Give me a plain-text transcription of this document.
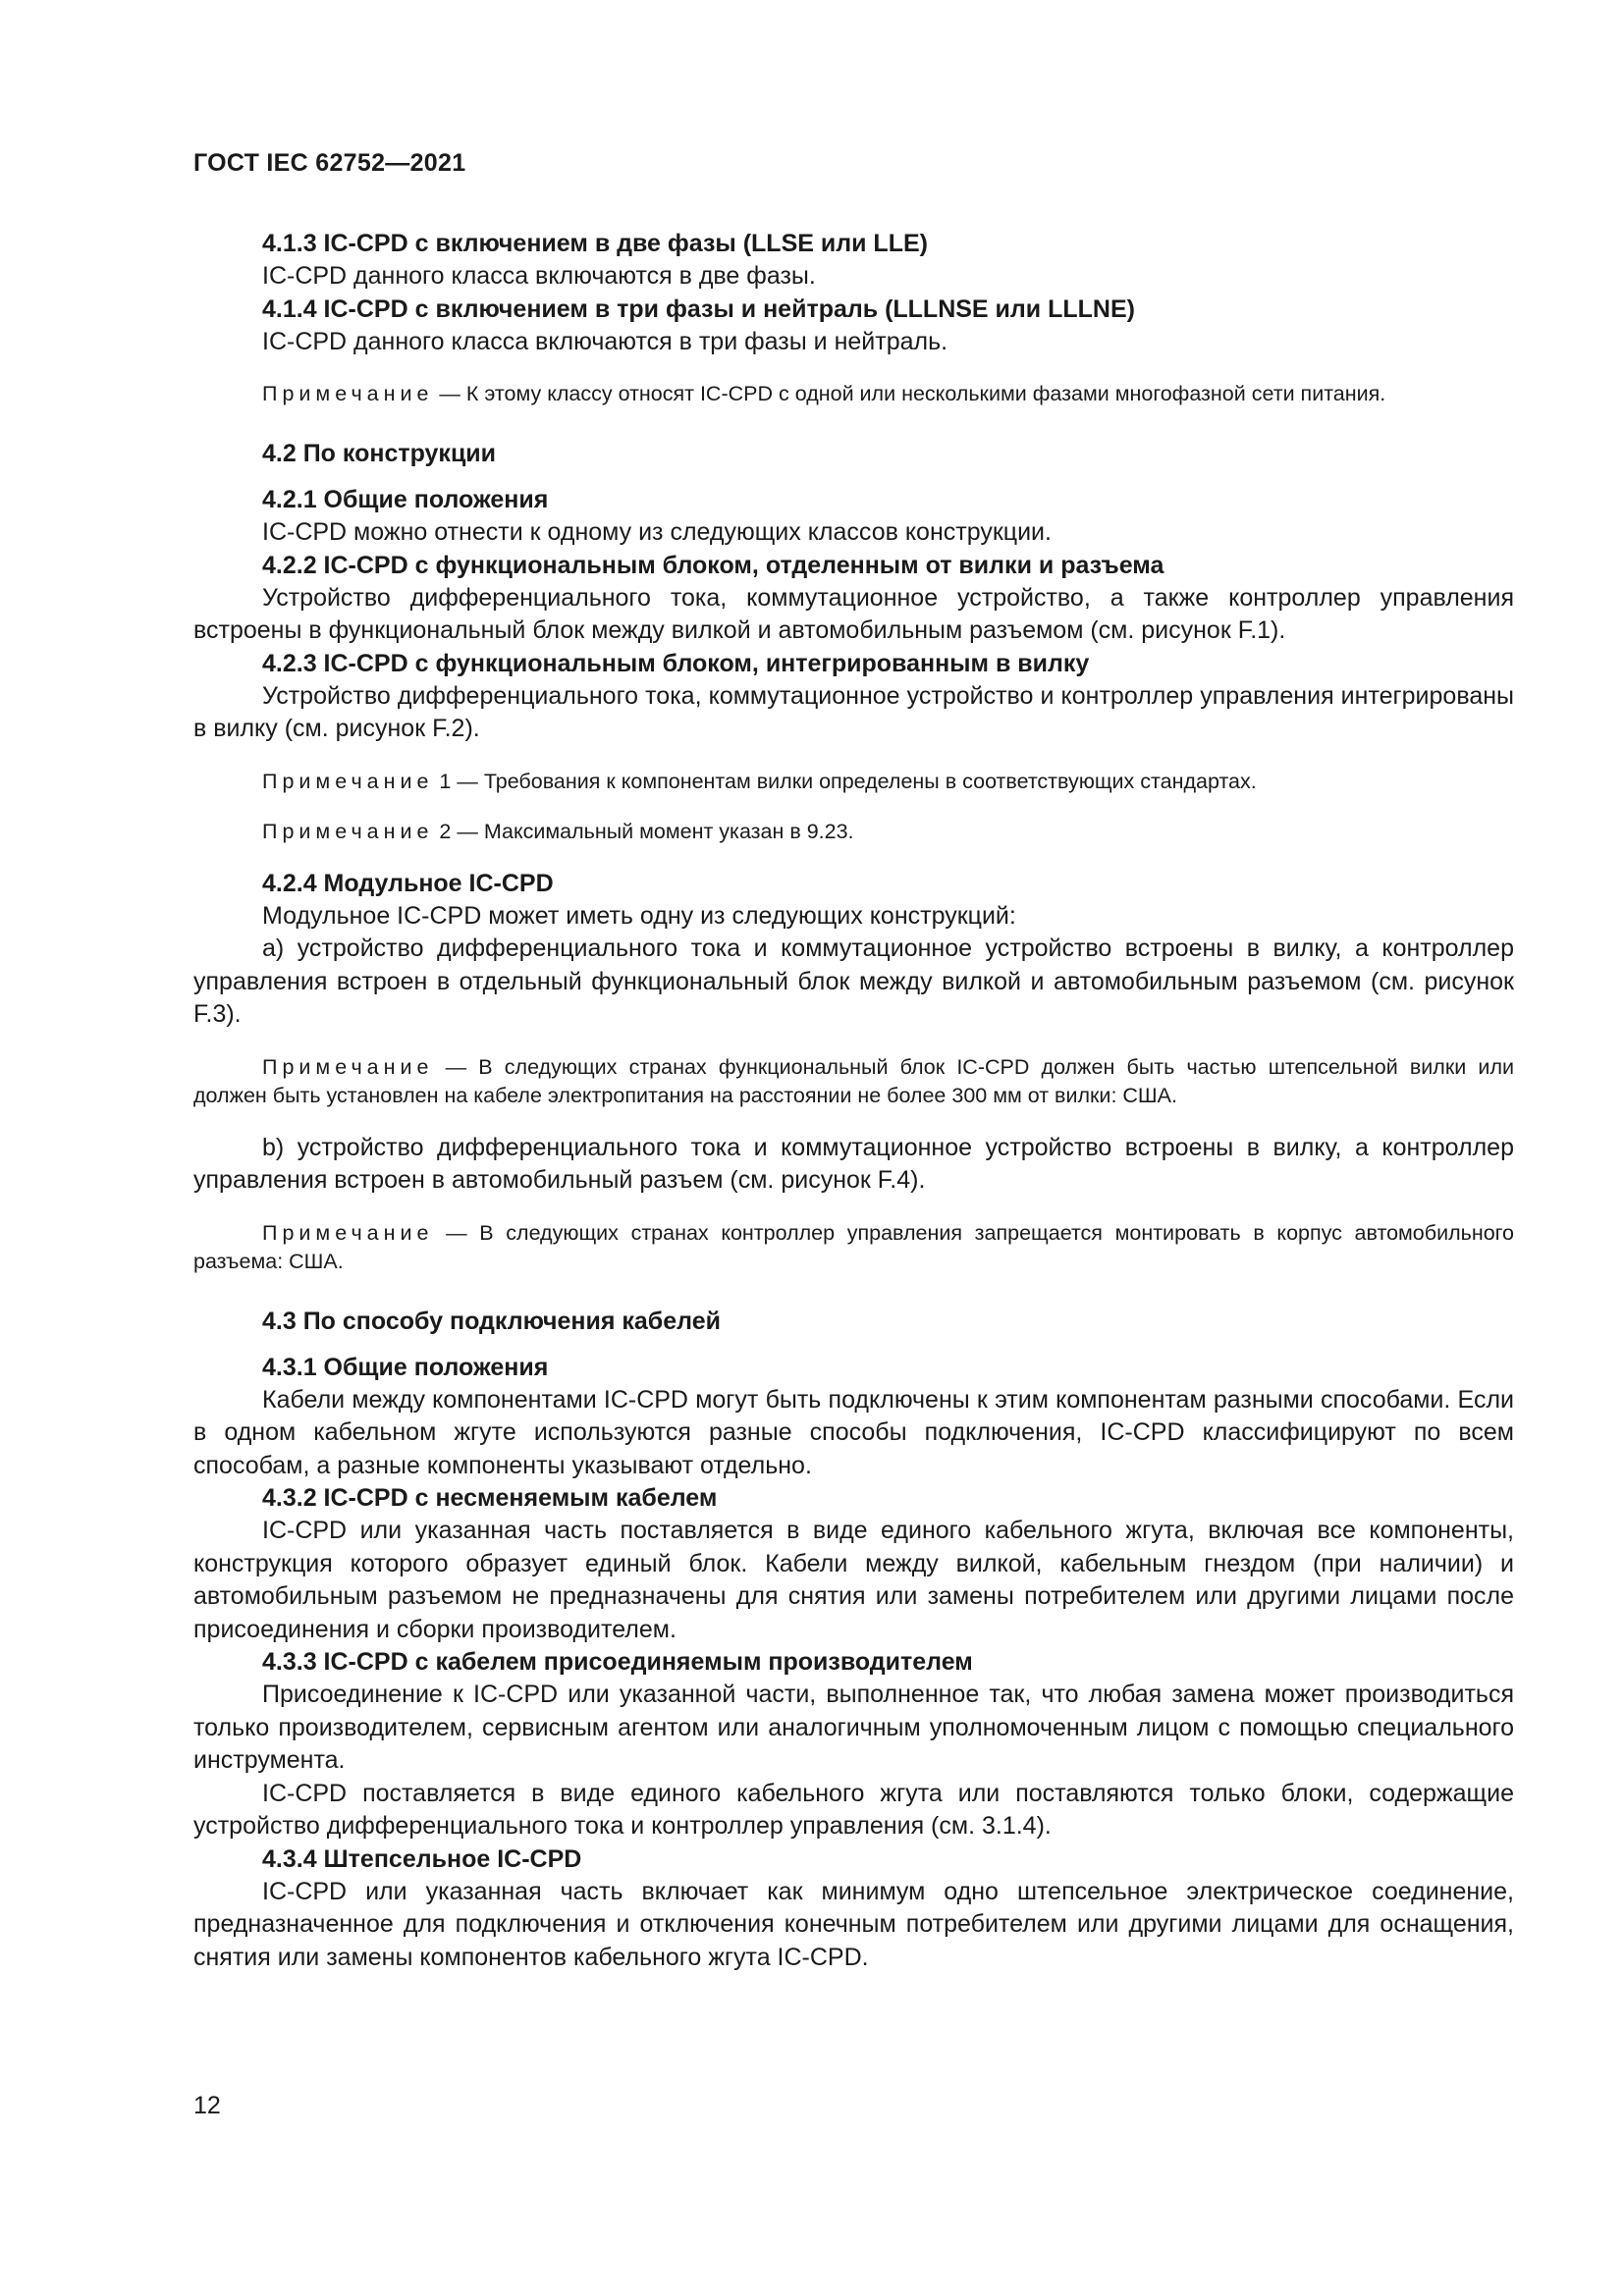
ГОСТ IEC 62752—2021

4.1.3 IC-CPD с включением в две фазы (LLSE или LLE)

IC-CPD данного класса включаются в две фазы.

4.1.4 IC-CPD с включением в три фазы и нейтраль (LLLNSE или LLLNE)

IC-CPD данного класса включаются в три фазы и нейтраль.

Примечание — К этому классу относят IC-CPD с одной или несколькими фазами многофазной сети питания.

4.2 По конструкции

4.2.1 Общие положения

IC-CPD можно отнести к одному из следующих классов конструкции.

4.2.2 IC-CPD с функциональным блоком, отделенным от вилки и разъема

Устройство дифференциального тока, коммутационное устройство, а также контроллер управления встроены в функциональный блок между вилкой и автомобильным разъемом (см. рисунок F.1).

4.2.3 IC-CPD с функциональным блоком, интегрированным в вилку

Устройство дифференциального тока, коммутационное устройство и контроллер управления интегрированы в вилку (см. рисунок F.2).

Примечание 1 — Требования к компонентам вилки определены в соответствующих стандартах.

Примечание 2 — Максимальный момент указан в 9.23.

4.2.4 Модульное IC-CPD

Модульное IC-CPD может иметь одну из следующих конструкций:

a) устройство дифференциального тока и коммутационное устройство встроены в вилку, а контроллер управления встроен в отдельный функциональный блок между вилкой и автомобильным разъемом (см. рисунок F.3).

Примечание — В следующих странах функциональный блок IC-CPD должен быть частью штепсельной вилки или должен быть установлен на кабеле электропитания на расстоянии не более 300 мм от вилки: США.

b) устройство дифференциального тока и коммутационное устройство встроены в вилку, а контроллер управления встроен в автомобильный разъем (см. рисунок F.4).

Примечание — В следующих странах контроллер управления запрещается монтировать в корпус автомобильного разъема: США.

4.3 По способу подключения кабелей

4.3.1 Общие положения

Кабели между компонентами IC-CPD могут быть подключены к этим компонентам разными способами. Если в одном кабельном жгуте используются разные способы подключения, IC-CPD классифицируют по всем способам, а разные компоненты указывают отдельно.

4.3.2 IC-CPD с несменяемым кабелем

IC-CPD или указанная часть поставляется в виде единого кабельного жгута, включая все компоненты, конструкция которого образует единый блок. Кабели между вилкой, кабельным гнездом (при наличии) и автомобильным разъемом не предназначены для снятия или замены потребителем или другими лицами после присоединения и сборки производителем.

4.3.3 IC-CPD с кабелем присоединяемым производителем

Присоединение к IC-CPD или указанной части, выполненное так, что любая замена может производиться только производителем, сервисным агентом или аналогичным уполномоченным лицом с помощью специального инструмента.

IC-CPD поставляется в виде единого кабельного жгута или поставляются только блоки, содержащие устройство дифференциального тока и контроллер управления (см. 3.1.4).

4.3.4 Штепсельное IC-CPD

IC-CPD или указанная часть включает как минимум одно штепсельное электрическое соединение, предназначенное для подключения и отключения конечным потребителем или другими лицами для оснащения, снятия или замены компонентов кабельного жгута IC-CPD.

12
